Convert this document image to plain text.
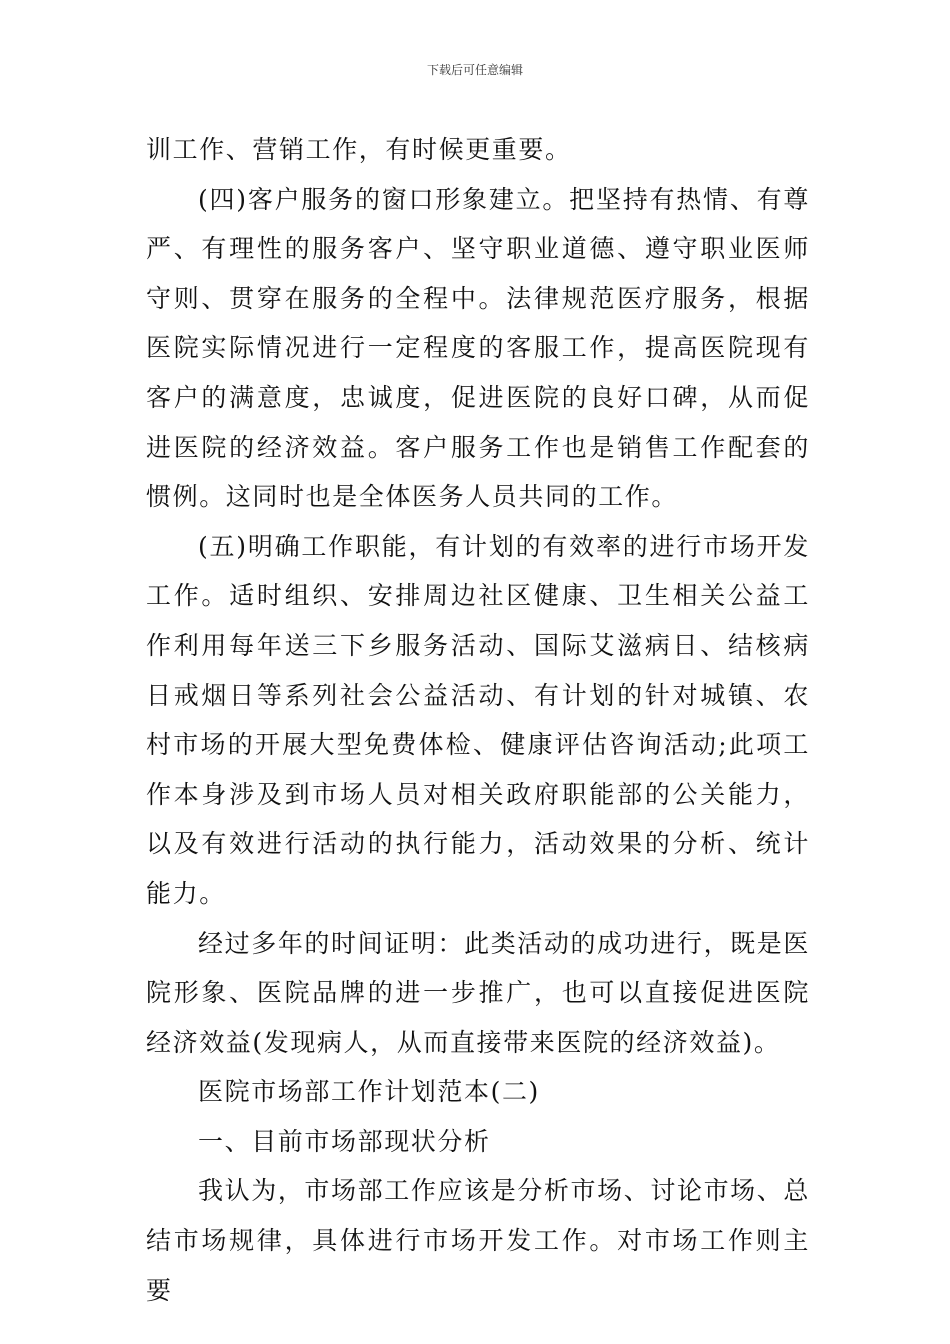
下载后可任意编辑

训工作、营销工作，有时候更重要。

(四)客户服务的窗口形象建立。把坚持有热情、有尊严、有理性的服务客户、坚守职业道德、遵守职业医师守则、贯穿在服务的全程中。法律规范医疗服务，根据医院实际情况进行一定程度的客服工作，提高医院现有客户的满意度，忠诚度，促进医院的良好口碑，从而促进医院的经济效益。客户服务工作也是销售工作配套的惯例。这同时也是全体医务人员共同的工作。

(五)明确工作职能，有计划的有效率的进行市场开发工作。适时组织、安排周边社区健康、卫生相关公益工作利用每年送三下乡服务活动、国际艾滋病日、结核病日戒烟日等系列社会公益活动、有计划的针对城镇、农村市场的开展大型免费体检、健康评估咨询活动;此项工作本身涉及到市场人员对相关政府职能部的公关能力，以及有效进行活动的执行能力，活动效果的分析、统计能力。

经过多年的时间证明：此类活动的成功进行，既是医院形象、医院品牌的进一步推广，也可以直接促进医院经济效益(发现病人，从而直接带来医院的经济效益)。

医院市场部工作计划范本(二)

一、目前市场部现状分析

我认为，市场部工作应该是分析市场、讨论市场、总结市场规律，具体进行市场开发工作。对市场工作则主要
